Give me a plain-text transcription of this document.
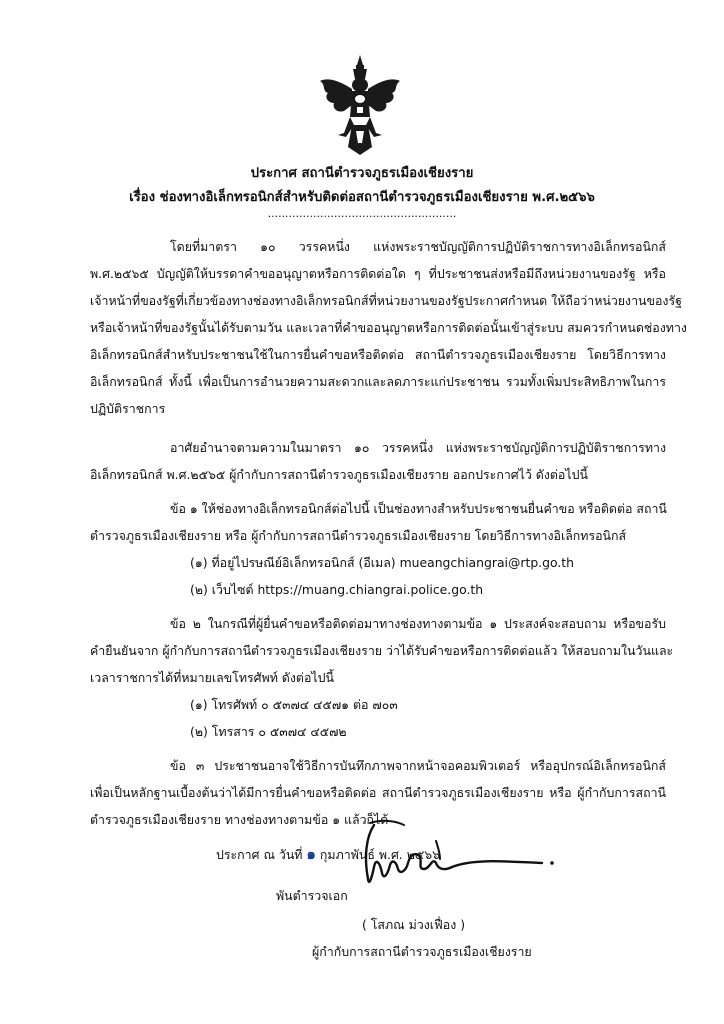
ประกาศ สถานีตำรวจภูธรเมืองเชียงราย
เรื่อง ช่องทางอิเล็กทรอนิกส์สำหรับติดต่อสถานีตำรวจภูธรเมืองเชียงราย พ.ศ.๒๕๖๖
......................................................
โดยที่มาตรา ๑๐ วรรคหนึ่ง แห่งพระราชบัญญัติการปฏิบัติราชการทางอิเล็กทรอนิกส์
พ.ศ.๒๕๖๕ บัญญัติให้บรรดาคำขออนุญาตหรือการติดต่อใด ๆ ที่ประชาชนส่งหรือมีถึงหน่วยงานของรัฐ หรือ
เจ้าหน้าที่ของรัฐที่เกี่ยวข้องทางช่องทางอิเล็กทรอนิกส์ที่หน่วยงานของรัฐประกาศกำหนด ให้ถือว่าหน่วยงานของรัฐ
หรือเจ้าหน้าที่ของรัฐนั้นได้รับตามวัน และเวลาที่คำขออนุญาตหรือการติดต่อนั้นเข้าสู่ระบบ สมควรกำหนดช่องทาง
อิเล็กทรอนิกส์สำหรับประชาชนใช้ในการยื่นคำขอหรือติดต่อ สถานีตำรวจภูธรเมืองเชียงราย โดยวิธีการทาง
อิเล็กทรอนิกส์ ทั้งนี้ เพื่อเป็นการอำนวยความสะดวกและลดภาระแก่ประชาชน รวมทั้งเพิ่มประสิทธิภาพในการ
ปฏิบัติราชการ
อาศัยอำนาจตามความในมาตรา ๑๐ วรรคหนึ่ง แห่งพระราชบัญญัติการปฏิบัติราชการทาง
อิเล็กทรอนิกส์ พ.ศ.๒๕๖๕ ผู้กำกับการสถานีตำรวจภูธรเมืองเชียงราย ออกประกาศไว้ ดังต่อไปนี้
ข้อ ๑ ให้ช่องทางอิเล็กทรอนิกส์ต่อไปนี้ เป็นช่องทางสำหรับประชาชนยื่นคำขอ หรือติดต่อ สถานี
ตำรวจภูธรเมืองเชียงราย หรือ ผู้กำกับการสถานีตำรวจภูธรเมืองเชียงราย โดยวิธีการทางอิเล็กทรอนิกส์
(๑) ที่อยู่ไปรษณีย์อิเล็กทรอนิกส์ (อีเมล) mueangchiangrai@rtp.go.th
(๒) เว็บไซต์ https://muang.chiangrai.police.go.th
ข้อ ๒ ในกรณีที่ผู้ยื่นคำขอหรือติดต่อมาทางช่องทางตามข้อ ๑ ประสงค์จะสอบถาม หรือขอรับ
คำยืนยันจาก ผู้กำกับการสถานีตำรวจภูธรเมืองเชียงราย ว่าได้รับคำขอหรือการติดต่อแล้ว ให้สอบถามในวันและ
เวลาราชการได้ที่หมายเลขโทรศัพท์ ดังต่อไปนี้
(๑) โทรศัพท์ ๐ ๕๓๗๔ ๔๕๗๑ ต่อ ๗๐๓
(๒) โทรสาร ๐ ๕๓๗๔ ๔๕๗๒
ข้อ ๓ ประชาชนอาจใช้วิธีการบันทึกภาพจากหน้าจอคอมพิวเตอร์ หรืออุปกรณ์อิเล็กทรอนิกส์
เพื่อเป็นหลักฐานเบื้องต้นว่าได้มีการยื่นคำขอหรือติดต่อ สถานีตำรวจภูธรเมืองเชียงราย หรือ ผู้กำกับการสถานี
ตำรวจภูธรเมืองเชียงราย ทางช่องทางตามข้อ ๑ แล้วก็ได้
ประกาศ ณ วันที่ ๑ กุมภาพันธ์ พ.ศ. ๒๕๖๖
พันตำรวจเอก
( โสภณ ม่วงเฟื่อง )
ผู้กำกับการสถานีตำรวจภูธรเมืองเชียงราย
